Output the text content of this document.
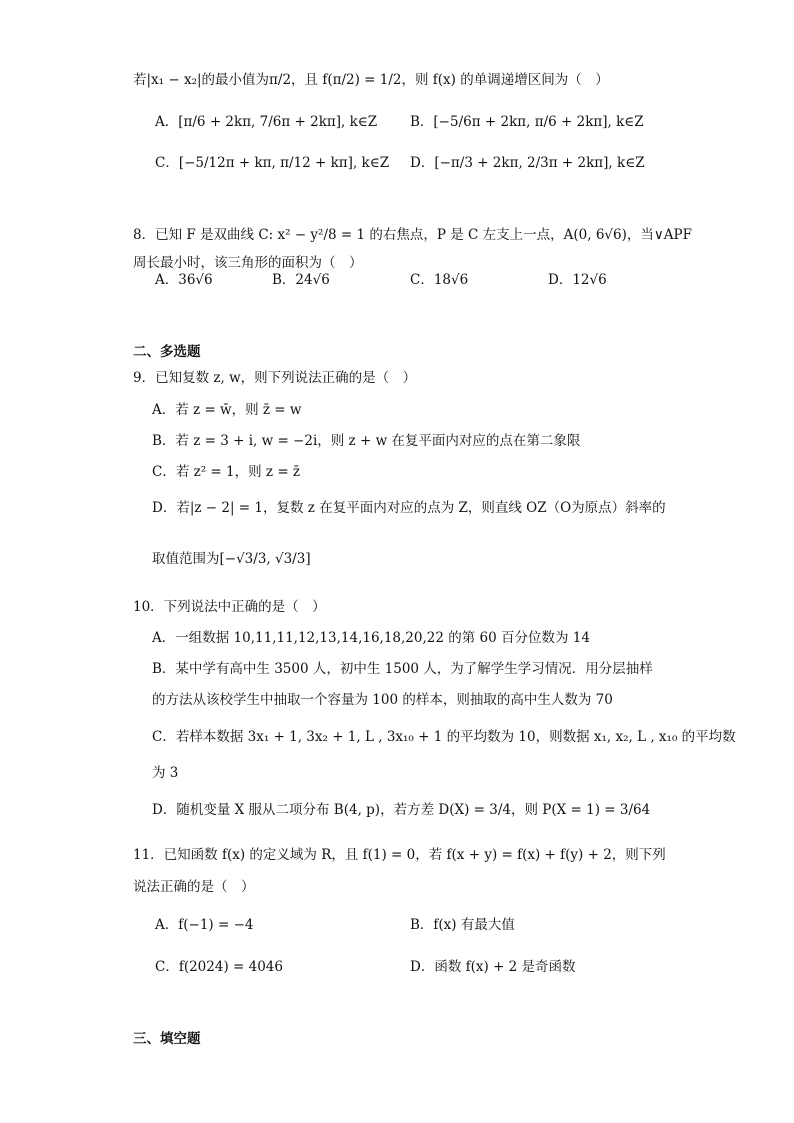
若|x₁ − x₂|的最小值为π/2，且 f(π/2) = 1/2，则 f(x) 的单调递增区间为（　）
A．[π/6 + 2kπ, 7/6π + 2kπ], k∈Z B．[−5/6π + 2kπ, π/6 + 2kπ], k∈Z
C．[−5/12π + kπ, π/12 + kπ], k∈Z D．[−π/3 + 2kπ, 2/3π + 2kπ], k∈Z
8．已知 F 是双曲线 C: x² − y²/8 = 1 的右焦点，P 是 C 左支上一点，A(0, 6√6)，当∨APF
周长最小时，该三角形的面积为（　）
A．36√6	B．24√6	C．18√6	D．12√6
二、多选题
9．已知复数 z, w，则下列说法正确的是（　）
A．若 z = w̄，则 z̄ = w
B．若 z = 3 + i, w = −2i，则 z + w 在复平面内对应的点在第二象限
C．若 z² = 1，则 z = z̄
D．若|z − 2| = 1，复数 z 在复平面内对应的点为 Z，则直线 OZ（O为原点）斜率的
取值范围为[−√3/3, √3/3]
10．下列说法中正确的是（　）
A．一组数据 10,11,11,12,13,14,16,18,20,22 的第 60 百分位数为 14
B．某中学有高中生 3500 人，初中生 1500 人，为了解学生学习情况．用分层抽样
的方法从该校学生中抽取一个容量为 100 的样本，则抽取的高中生人数为 70
C．若样本数据 3x₁ + 1, 3x₂ + 1, L , 3x₁₀ + 1 的平均数为 10，则数据 x₁, x₂, L , x₁₀ 的平均数
为 3
D．随机变量 X 服从二项分布 B(4, p)，若方差 D(X) = 3/4，则 P(X = 1) = 3/64
11．已知函数 f(x) 的定义域为 R，且 f(1) = 0，若 f(x + y) = f(x) + f(y) + 2，则下列
说法正确的是（　）
A．f(−1) = −4	B．f(x) 有最大值
C．f(2024) = 4046	D．函数 f(x) + 2 是奇函数
三、填空题
